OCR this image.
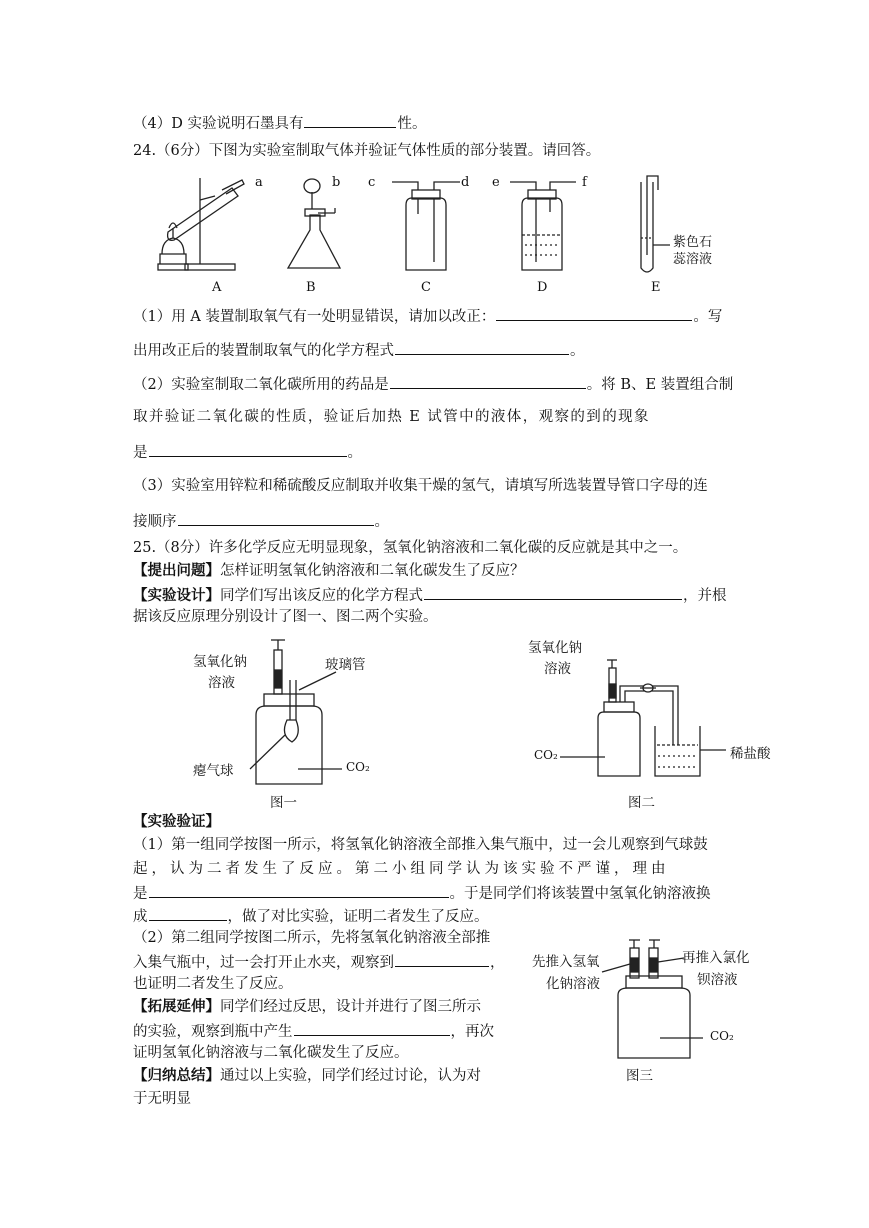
（4）D 实验说明石墨具有	性。
24.（6分）下图为实验室制取气体并验证气体性质的部分装置。请回答。
a	b c	d e	f
紫色石
蕊溶液
A	B	C	D	E
（1）用 A 装置制取氧气有一处明显错误，请加以改正：	。写
出用改正后的装置制取氧气的化学方程式	。
（2）实验室制取二氧化碳所用的药品是	。将 B、E 装置组合制
取并验证二氧化碳的性质，验证后加热 E 试管中的液体，观察的到的现象
是	。
（3）实验室用锌粒和稀硫酸反应制取并收集干燥的氢气，请填写所选装置导管口字母的连
接顺序	。
25.（8分）许多化学反应无明显现象，氢氧化钠溶液和二氧化碳的反应就是其中之一。
【提出问题】怎样证明氢氧化钠溶液和二氧化碳发生了反应？
【实验设计】同学们写出该反应的化学方程式	，并根
据该反应原理分别设计了图一、图二两个实验。
氢氧化钠
溶液
玻璃管
瘪气球	CO₂
图一
氢氧化钠
溶液
CO₂	稀盐酸
图二
【实验验证】
（1）第一组同学按图一所示，将氢氧化钠溶液全部推入集气瓶中，过一会儿观察到气球鼓
起，认为二者发生了反应。第二小组同学认为该实验不严谨，理由
是	。于是同学们将该装置中氢氧化钠溶液换
成	，做了对比实验，证明二者发生了反应。
（2）第二组同学按图二所示，先将氢氧化钠溶液全部推
入集气瓶中，过一会打开止水夹，观察到	，
也证明二者发生了反应。
【拓展延伸】同学们经过反思，设计并进行了图三所示
的实验，观察到瓶中产生	，再次
证明氢氧化钠溶液与二氧化碳发生了反应。
【归纳总结】通过以上实验，同学们经过讨论，认为对
于无明显
先推入氢氧
化钠溶液
再推入氯化
钡溶液
CO₂
图三
